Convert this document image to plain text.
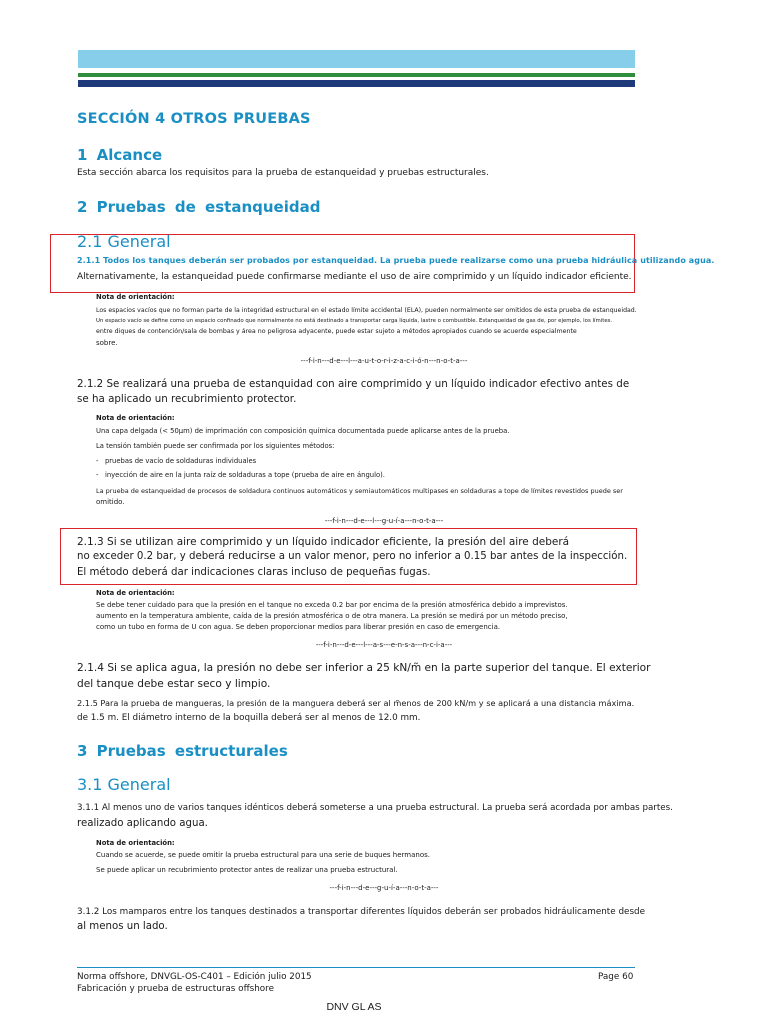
SECCIÓN 4 OTROS PRUEBAS
1 Alcance
Esta sección abarca los requisitos para la prueba de estanqueidad y pruebas estructurales.
2 Pruebas de estanqueidad
2.1 General
2.1.1 Todos los tanques deberán ser probados por estanqueidad. La prueba puede realizarse como una prueba hidráulica utilizando agua.
Alternativamente, la estanqueidad puede confirmarse mediante el uso de aire comprimido y un líquido indicador eficiente.
Nota de orientación:
Los espacios vacíos que no forman parte de la integridad estructural en el estado límite accidental (ELA), pueden normalmente ser omitidos de esta prueba de estanqueidad.
Un espacio vacío se define como un espacio confinado que normalmente no está destinado a transportar carga líquida, lastre o combustible. Estanqueidad de gas de, por ejemplo, los límites.
entre diques de contención/sala de bombas y área no peligrosa adyacente, puede estar sujeto a métodos apropiados cuando se acuerde especialmente
sobre.
---f-i-n---d-e---l---a-u-t-o-r-i-z-a-c-i-ó-n---n-o-t-a---
2.1.2 Se realizará una prueba de estanquidad con aire comprimido y un líquido indicador efectivo antes de
se ha aplicado un recubrimiento protector.
Nota de orientación:
Una capa delgada (< 50µm) de imprimación con composición química documentada puede aplicarse antes de la prueba.
La tensión también puede ser confirmada por los siguientes métodos:
-   pruebas de vacío de soldaduras individuales
-   inyección de aire en la junta raíz de soldaduras a tope (prueba de aire en ángulo).
La prueba de estanqueidad de procesos de soldadura continuos automáticos y semiautomáticos multipases en soldaduras a tope de límites revestidos puede ser
omitido.
---f-i-n---d-e---l---g-u-í-a---n-o-t-a---
2.1.3 Si se utilizan aire comprimido y un líquido indicador eficiente, la presión del aire deberá
no exceder 0.2 bar, y deberá reducirse a un valor menor, pero no inferior a 0.15 bar antes de la inspección.
El método deberá dar indicaciones claras incluso de pequeñas fugas.
Nota de orientación:
Se debe tener cuidado para que la presión en el tanque no exceda 0.2 bar por encima de la presión atmosférica debido a imprevistos.
aumento en la temperatura ambiente, caída de la presión atmosférica o de otra manera. La presión se medirá por un método preciso,
como un tubo en forma de U con agua. Se deben proporcionar medios para liberar presión en caso de emergencia.
---f-i-n---d-e---l---a-s---e-n-s-a---n-c-i-a---
2.1.4 Si se aplica agua, la presión no debe ser inferior a 25 kN/m̃ en la parte superior del tanque. El exterior
del tanque debe estar seco y limpio.
2.1.5 Para la prueba de mangueras, la presión de la manguera deberá ser al m̃enos de 200 kN/m y se aplicará a una distancia máxima.
de 1.5 m. El diámetro interno de la boquilla deberá ser al menos de 12.0 mm.
3 Pruebas estructurales
3.1 General
3.1.1 Al menos uno de varios tanques idénticos deberá someterse a una prueba estructural. La prueba será acordada por ambas partes.
realizado aplicando agua.
Nota de orientación:
Cuando se acuerde, se puede omitir la prueba estructural para una serie de buques hermanos.
Se puede aplicar un recubrimiento protector antes de realizar una prueba estructural.
---f-i-n---d-e---g-u-í-a---n-o-t-a---
3.1.2 Los mamparos entre los tanques destinados a transportar diferentes líquidos deberán ser probados hidráulicamente desde
al menos un lado.
Norma offshore, DNVGL-OS-C401 – Edición julio 2015
Fabricación y prueba de estructuras offshore
Page 60
DNV GL AS
